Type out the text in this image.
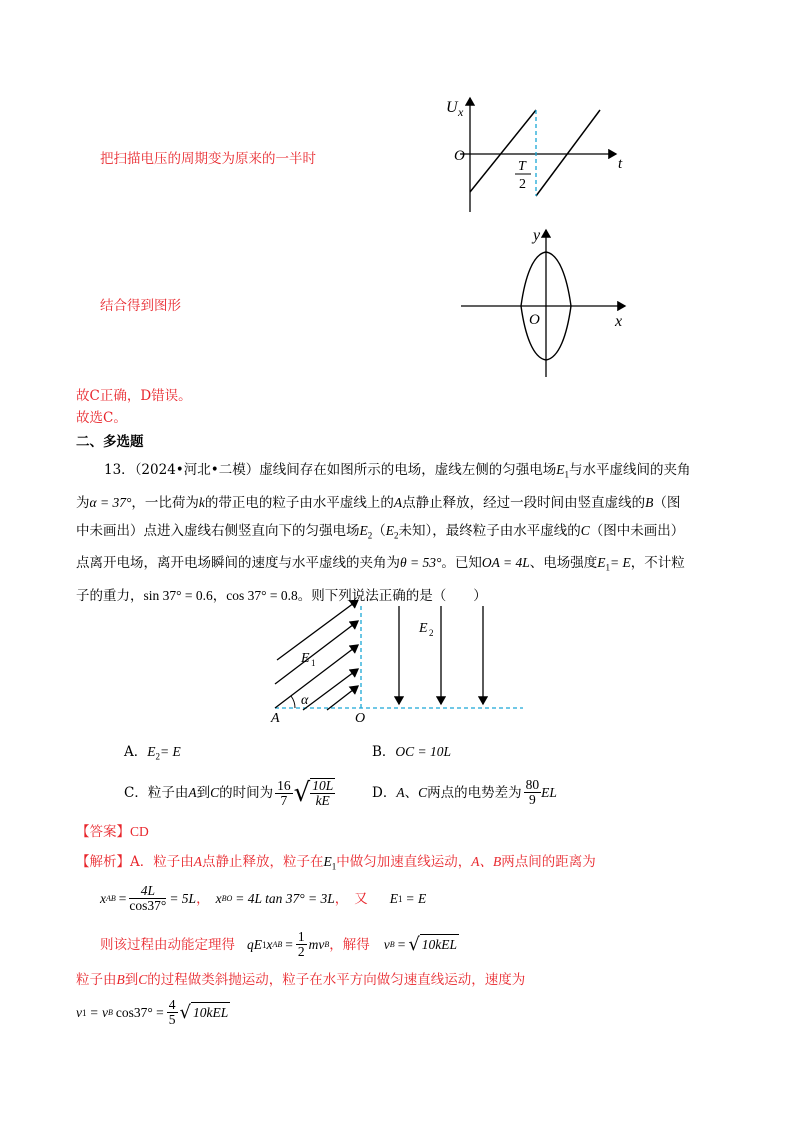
把扫描电压的周期变为原来的一半时
结合得到图形
U x
O	t
T
2
y
O	x
故C正确，D错误。
故选C。
二、多选题
13．（2024•河北•二模）虚线间存在如图所示的电场，虚线左侧的匀强电场$E_1$与水平虚线间的夹角
为α = 37°，一比荷为k的带正电的粒子由水平虚线上的A点静止释放，经过一段时间由竖直虚线的B（图
中未画出）点进入虚线右侧竖直向下的匀强电场$E_2(E_2$未知），最终粒子由水平虚线的C（图中未画出）
点离开电场，离开电场瞬间的速度与水平虚线的夹角为θ = 53°。已知OA = 4L、电场强度$E_1= E$，不计粒
子的重力，sin 37° = 0.6，cos 37° = 0.8。则下列说法正确的是（　　）
E 1
E 2
α
A	O
A．$E_2= E$	B．OC = 10L
C． 粒子由 A 到 C 的时间为 $\frac{16}{7}$ √ $\frac{10L}{kE}$	D． A 、 C 两点的电势差为 $\frac{80}{9}$ EL
【答案】CD
【解析】A．粒子由A点静止释放，粒子在$E_1$中做匀加速直线运动，A、B两点间的距离为
x AB = $\frac{4L}{\cos 37^\circ} = 5L$ ， x BO = 4L tan 37° = 3L ， 又 E 1 = E
则该过程由动能定理得 qE 1 x AB = $\frac{1}{2}$ mv B ，解得 v B = √ 10kEL
粒子由B到C的过程做类斜抛运动，粒子在水平方向做匀速直线运动，速度为
v 1 = v B $\cos 37^\circ = \frac{4}{5}$ √ 10kEL
